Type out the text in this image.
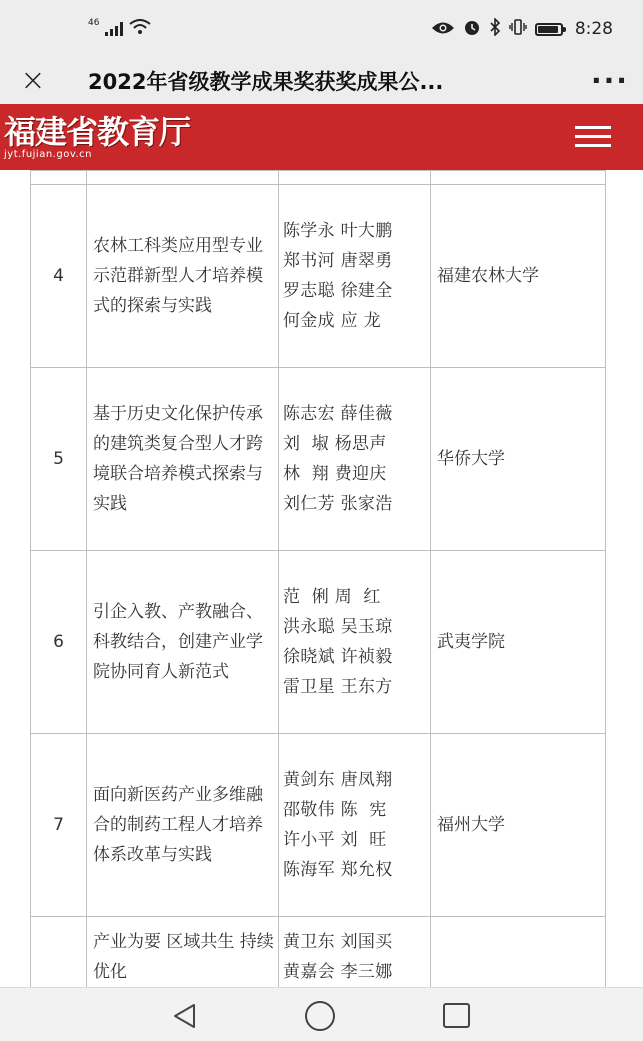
46	8:28
×	2022年省级教学成果奖获奖成果公...	···
福建省教育厅
jyt.fujian.gov.cn

4	农林工科类应用型专业示范群新型人才培养模式的探索与实践	陈学永 叶大鹏
郑书河 唐翠勇
罗志聪 徐建全
何金成 应 龙	福建农林大学
5	基于历史文化保护传承的建筑类复合型人才跨境联合培养模式探索与实践	陈志宏 薛佳薇
刘  埱 杨思声
林  翔 费迎庆
刘仁芳 张家浩	华侨大学
6	引企入教、产教融合、科教结合，创建产业学院协同育人新范式	范  俐 周  红
洪永聪 吴玉琼
徐晓斌 许祯毅
雷卫星 王东方	武夷学院
7	面向新医药产业多维融合的制药工程人才培养体系改革与实践	黄剑东 唐凤翔
邵敬伟 陈  宪
许小平 刘  旺
陈海军 郑允权	福州大学
	产业为要 区域共生 持续优化	黄卫东 刘国买
黄嘉会 李三娜	
